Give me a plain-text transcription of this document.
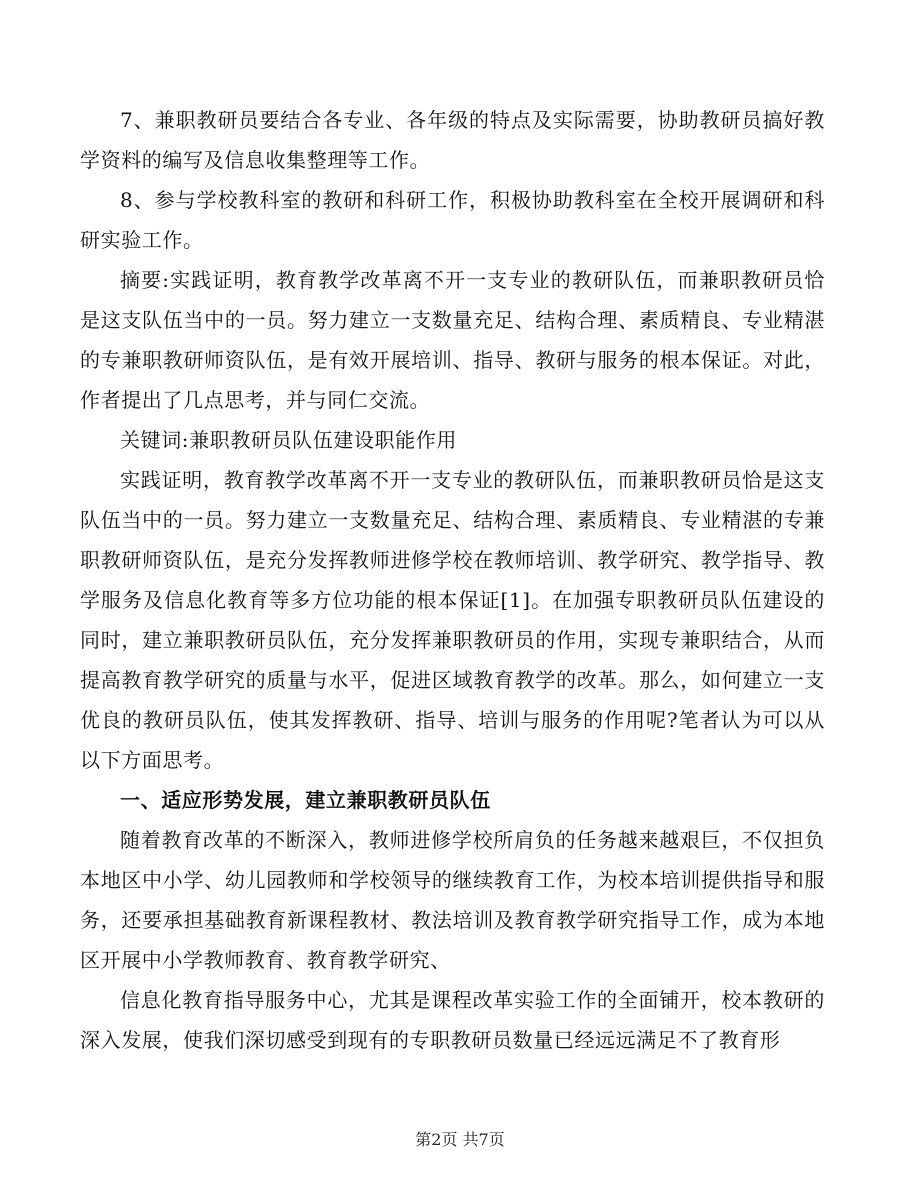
7、兼职教研员要结合各专业、各年级的特点及实际需要，协助教研员搞好教学资料的编写及信息收集整理等工作。

8、参与学校教科室的教研和科研工作，积极协助教科室在全校开展调研和科研实验工作。

摘要:实践证明，教育教学改革离不开一支专业的教研队伍，而兼职教研员恰是这支队伍当中的一员。努力建立一支数量充足、结构合理、素质精良、专业精湛的专兼职教研师资队伍，是有效开展培训、指导、教研与服务的根本保证。对此，作者提出了几点思考，并与同仁交流。

关键词:兼职教研员队伍建设职能作用

实践证明，教育教学改革离不开一支专业的教研队伍，而兼职教研员恰是这支队伍当中的一员。努力建立一支数量充足、结构合理、素质精良、专业精湛的专兼职教研师资队伍，是充分发挥教师进修学校在教师培训、教学研究、教学指导、教学服务及信息化教育等多方位功能的根本保证[1]。在加强专职教研员队伍建设的同时，建立兼职教研员队伍，充分发挥兼职教研员的作用，实现专兼职结合，从而提高教育教学研究的质量与水平，促进区域教育教学的改革。那么，如何建立一支优良的教研员队伍，使其发挥教研、指导、培训与服务的作用呢?笔者认为可以从以下方面思考。

一、适应形势发展，建立兼职教研员队伍

随着教育改革的不断深入，教师进修学校所肩负的任务越来越艰巨，不仅担负本地区中小学、幼儿园教师和学校领导的继续教育工作，为校本培训提供指导和服务，还要承担基础教育新课程教材、教法培训及教育教学研究指导工作，成为本地区开展中小学教师教育、教育教学研究、

信息化教育指导服务中心，尤其是课程改革实验工作的全面铺开，校本教研的深入发展，使我们深切感受到现有的专职教研员数量已经远远满足不了教育形

第2页 共7页
